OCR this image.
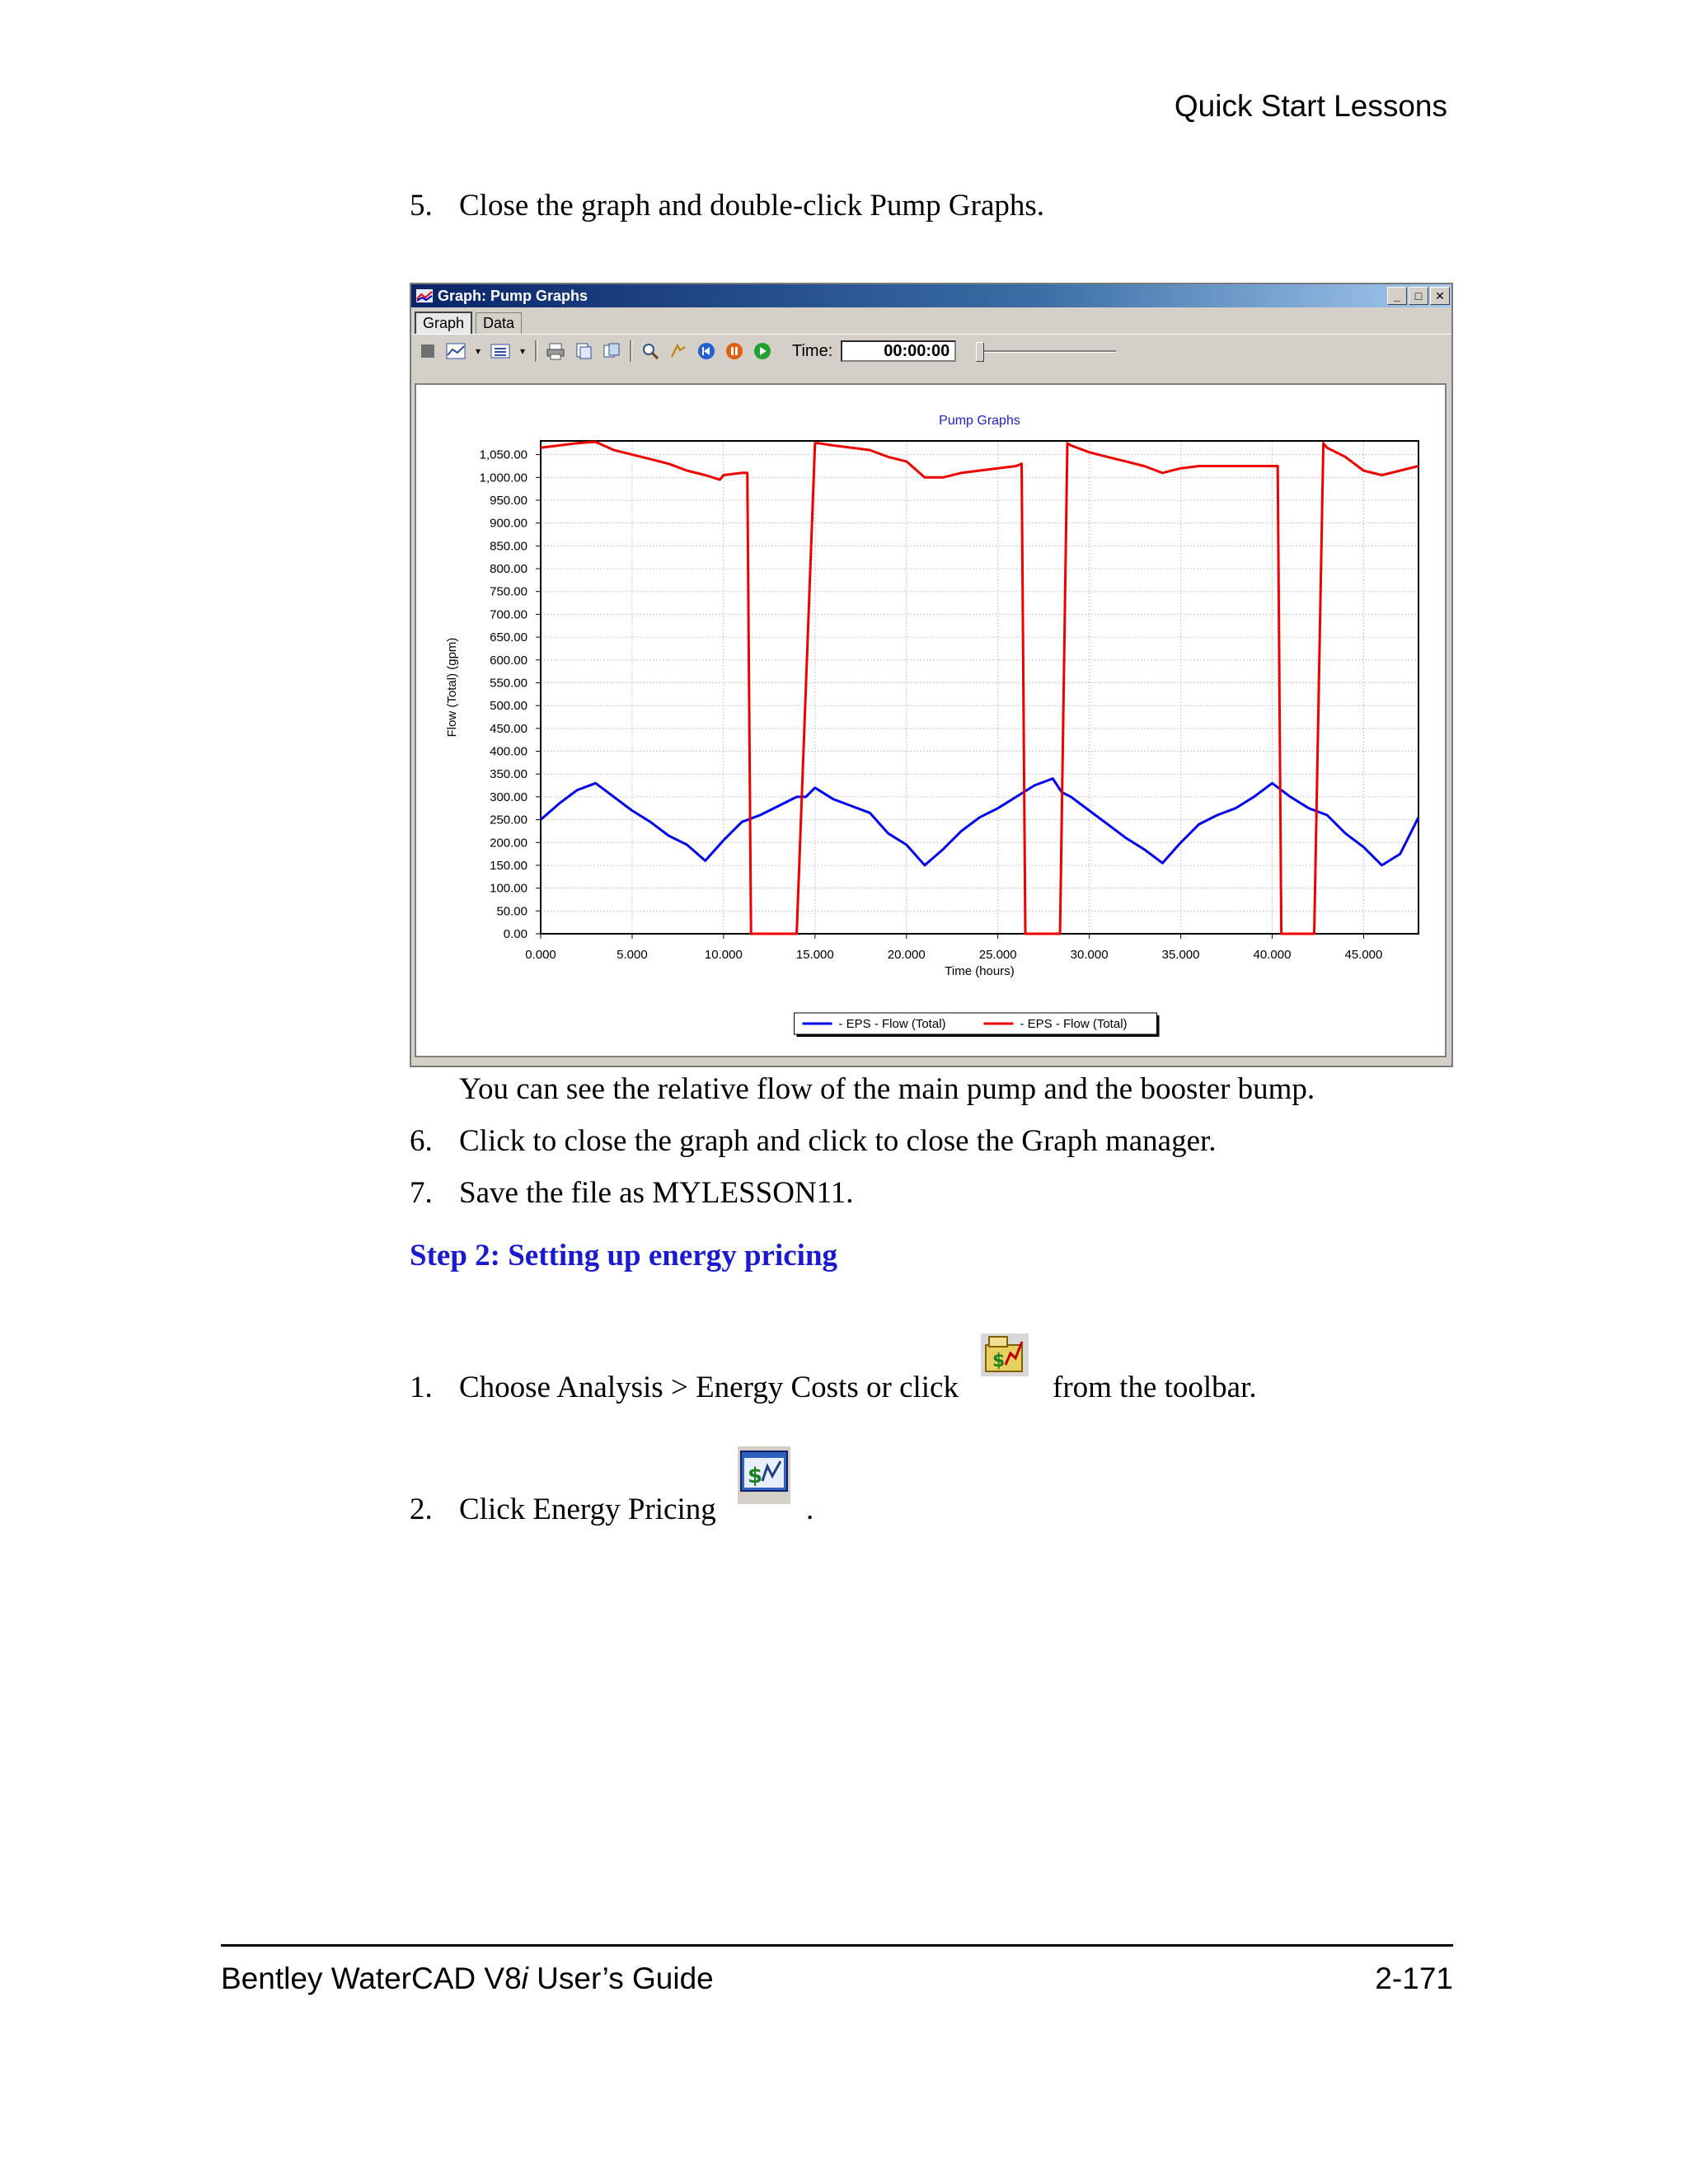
Quick Start Lessons
5. Close the graph and double-click Pump Graphs.
Graph: Pump Graphs	_ □ ✕
Graph	Data
▾	▾	Time:	00:00:00
0.00
50.00
100.00
150.00
200.00
250.00
300.00
350.00
400.00
450.00
500.00
550.00
600.00
650.00
700.00
750.00
800.00
850.00
900.00
950.00
1,000.00
1,050.00
0.000	5.000	10.000	15.000	20.000	25.000	30.000	35.000	40.000	45.000
Pump Graphs
Time (hours)
Flow (Total) (gpm)
- EPS - Flow (Total)	- EPS - Flow (Total)
You can see the relative flow of the main pump and the booster bump.
6. Click to close the graph and click to close the Graph manager.
7. Save the file as MYLESSON11.
Step 2: Setting up energy pricing
1. Choose Analysis > Energy Costs or click
$
from the toolbar.
2. Click Energy Pricing
$
.
Bentley WaterCAD V8i User’s Guide	2-171
